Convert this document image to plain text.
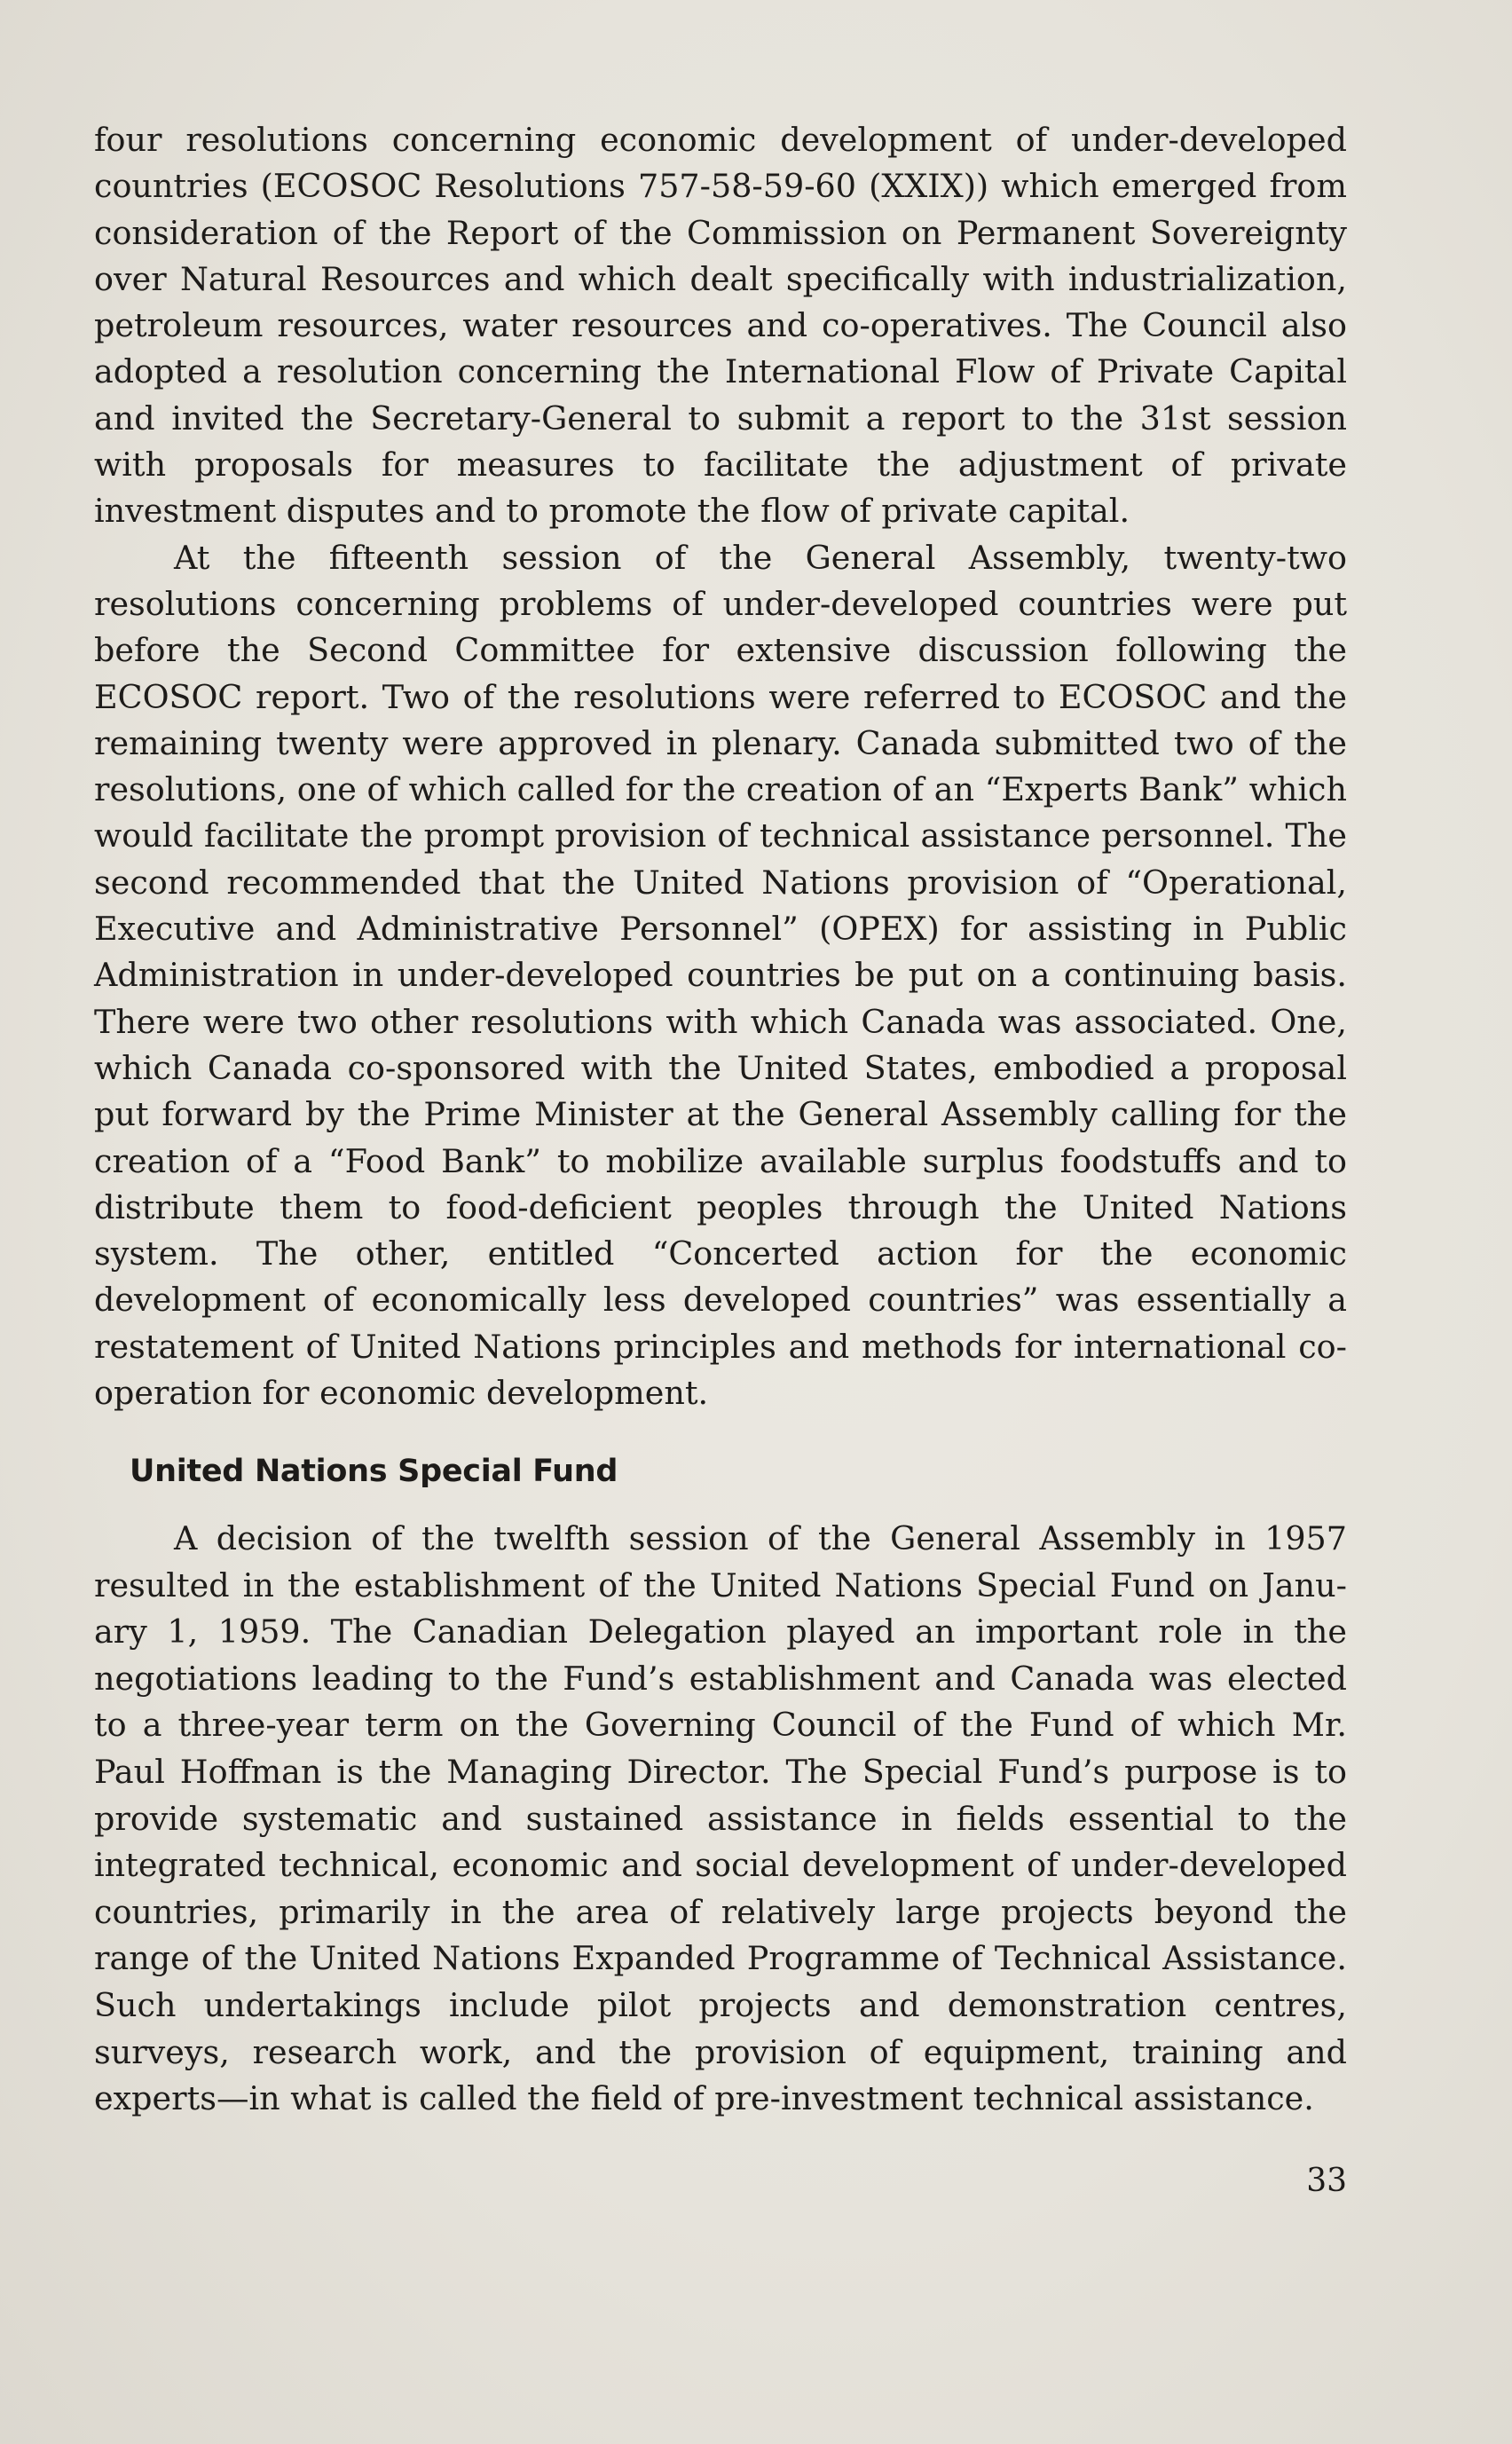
four resolutions concerning economic development of under-developed countries (ECOSOC Resolutions 757-58-59-60 (XXIX)) which emerged from consideration of the Report of the Commission on Permanent Sovereignty over Natural Resources and which dealt specifically with industrialization, petroleum resources, water resources and co-operatives. The Council also adopted a resolution concerning the International Flow of Private Capital and invited the Secretary-General to submit a report to the 31st session with proposals for measures to facilitate the adjustment of private investment disputes and to promote the flow of private capital.

At the fifteenth session of the General Assembly, twenty-two resolutions concerning problems of under-developed countries were put before the Second Committee for extensive discussion following the ECOSOC report. Two of the resolutions were referred to ECOSOC and the remaining twenty were approved in plenary. Canada submitted two of the resolutions, one of which called for the creation of an “Experts Bank” which would facilitate the prompt provision of technical assistance personnel. The second recommended that the United Nations provision of “Operational, Executive and Administrative Personnel” (OPEX) for assisting in Public Administration in under-developed countries be put on a continuing basis. There were two other resolutions with which Canada was associated. One, which Canada co-sponsored with the United States, embodied a proposal put forward by the Prime Minister at the General Assembly calling for the creation of a “Food Bank” to mobilize available surplus foodstuffs and to distribute them to food-deficient peoples through the United Nations system. The other, entitled “Concerted action for the economic development of economically less developed countries” was essentially a restatement of United Nations principles and methods for international co-operation for economic development.

United Nations Special Fund

A decision of the twelfth session of the General Assembly in 1957 resulted in the establishment of the United Nations Special Fund on January 1, 1959. The Canadian Delegation played an important role in the negotiations leading to the Fund’s establishment and Canada was elected to a three-year term on the Governing Council of the Fund of which Mr. Paul Hoffman is the Managing Director. The Special Fund’s purpose is to provide systematic and sustained assistance in fields essential to the integrated technical, economic and social development of under-developed countries, primarily in the area of relatively large projects beyond the range of the United Nations Expanded Programme of Technical Assistance. Such undertakings include pilot projects and demonstration centres, surveys, research work, and the provision of equipment, training and experts—in what is called the field of pre-investment technical assistance.

33
